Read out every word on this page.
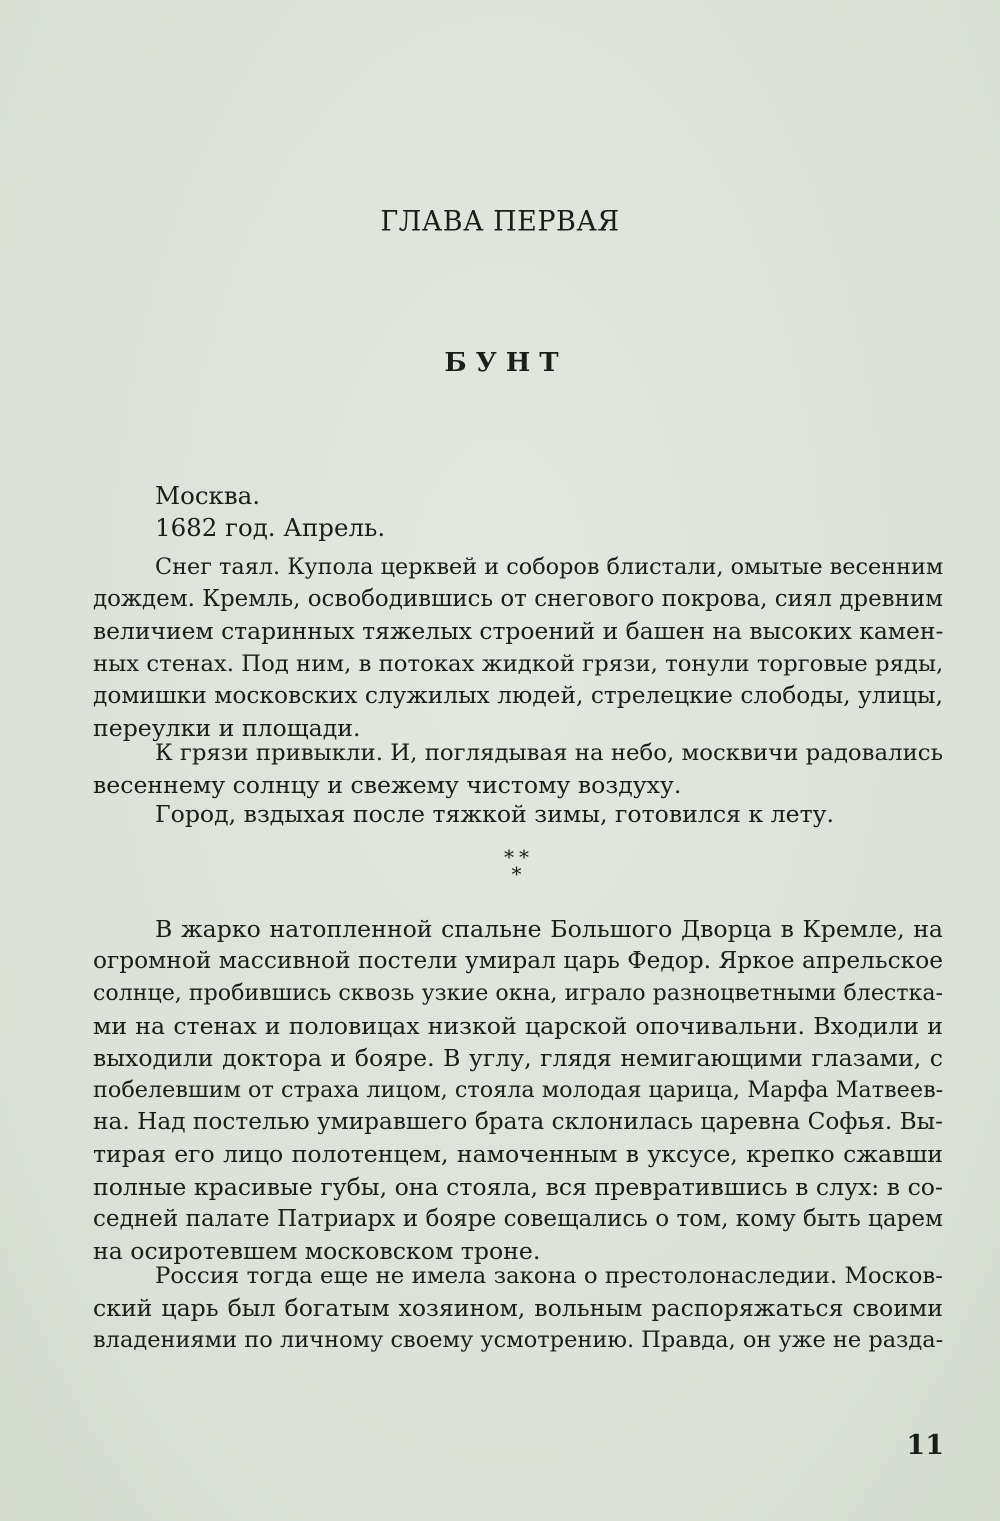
ГЛАВА ПЕРВАЯ
БУНТ
Москва.
1682 год. Апрель.
Снег таял. Купола церквей и соборов блистали, омытые весенним
дождем. Кремль, освободившись от снегового покрова, сиял древним
величием старинных тяжелых строений и башен на высоких камен-
ных стенах. Под ним, в потоках жидкой грязи, тонули торговые ряды,
домишки московских служилых людей, стрелецкие слободы, улицы,
переулки и площади.
К грязи привыкли. И, поглядывая на небо, москвичи радовались
весеннему солнцу и свежему чистому воздуху.
Город, вздыхая после тяжкой зимы, готовился к лету.
* *
*
В жарко натопленной спальне Большого Дворца в Кремле, на
огромной массивной постели умирал царь Федор. Яркое апрельское
солнце, пробившись сквозь узкие окна, играло разноцветными блестка-
ми на стенах и половицах низкой царской опочивальни. Входили и
выходили доктора и бояре. В углу, глядя немигающими глазами, с
побелевшим от страха лицом, стояла молодая царица, Марфа Матвеев-
на. Над постелью умиравшего брата склонилась царевна Софья. Вы-
тирая его лицо полотенцем, намоченным в уксусе, крепко сжавши
полные красивые губы, она стояла, вся превратившись в слух: в со-
седней палате Патриарх и бояре совещались о том, кому быть царем
на осиротевшем московском троне.
Россия тогда еще не имела закона о престолонаследии. Москов-
ский царь был богатым хозяином, вольным распоряжаться своими
владениями по личному своему усмотрению. Правда, он уже не разда-
11
